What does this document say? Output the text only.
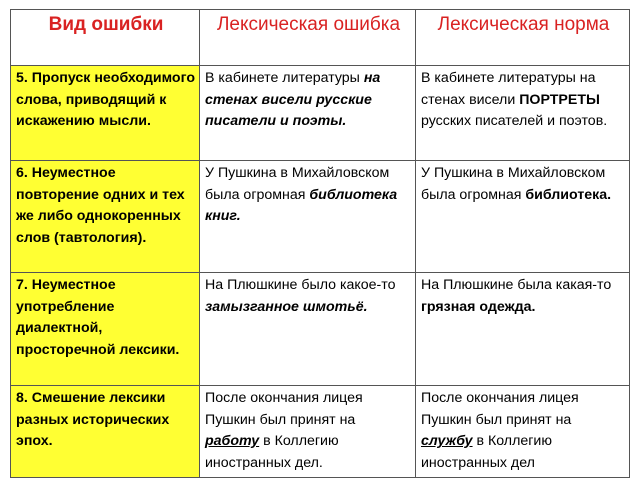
Вид ошибки	Лексическая ошибка	Лексическая норма
5. Пропуск необходимого слова, приводящий к искажению мысли.	В кабинете литературы на стенах висели русские писатели и поэты.	В кабинете литературы на стенах висели ПОРТРЕТЫ русских писателей и поэтов.
6. Неуместное повторение одних и тех же либо однокоренных слов (тавтология).	У Пушкина в Михайловском была огромная библиотека книг.	У Пушкина в Михайловском была огромная библиотека.
7. Неуместное употребление диалектной, просторечной лексики.	На Плюшкине было какое-то замызганное шмотьё.	На Плюшкине была какая-то грязная одежда.
8. Смешение лексики разных исторических эпох.	После окончания лицея Пушкин был принят на работу в Коллегию иностранных дел.	После окончания лицея Пушкин был принят на службу в Коллегию иностранных дел
